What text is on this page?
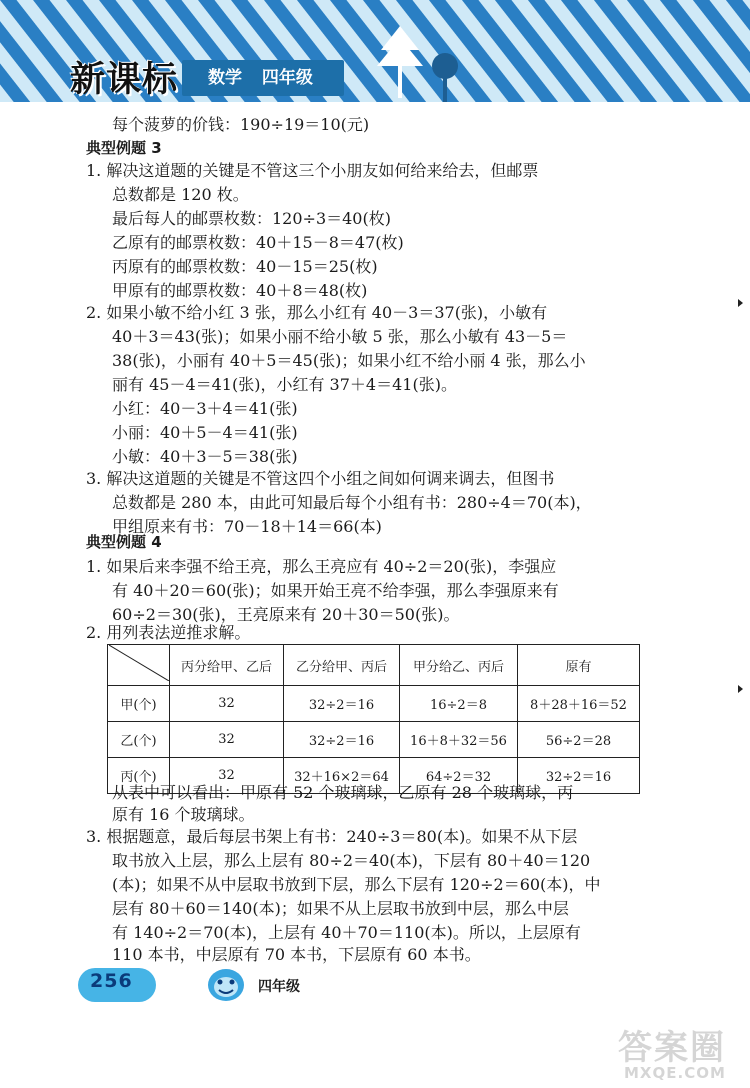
新课标	数学 四年级
每个菠萝的价钱：190÷19＝10(元)
典型例题 3
1. 解决这道题的关键是不管这三个小朋友如何给来给去，但邮票
总数都是 120 枚。
最后每人的邮票枚数：120÷3＝40(枚)
乙原有的邮票枚数：40＋15－8＝47(枚)
丙原有的邮票枚数：40－15＝25(枚)
甲原有的邮票枚数：40＋8＝48(枚)
2. 如果小敏不给小红 3 张，那么小红有 40－3＝37(张)，小敏有
40＋3＝43(张)；如果小丽不给小敏 5 张，那么小敏有 43－5＝
38(张)，小丽有 40＋5＝45(张)；如果小红不给小丽 4 张，那么小
丽有 45－4＝41(张)，小红有 37＋4＝41(张)。
小红：40－3＋4＝41(张)
小丽：40＋5－4＝41(张)
小敏：40＋3－5＝38(张)
3. 解决这道题的关键是不管这四个小组之间如何调来调去，但图书
总数都是 280 本，由此可知最后每个小组有书：280÷4＝70(本)，
甲组原来有书：70－18＋14＝66(本)
典型例题 4
1. 如果后来李强不给王亮，那么王亮应有 40÷2＝20(张)，李强应
有 40＋20＝60(张)；如果开始王亮不给李强，那么李强原来有
60÷2＝30(张)，王亮原来有 20＋30＝50(张)。
2. 用列表法逆推求解。
	丙分给甲、乙后	乙分给甲、丙后	甲分给乙、丙后	原有
甲(个)	32	32÷2＝16	16÷2＝8	8＋28＋16＝52
乙(个)	32	32÷2＝16	16＋8＋32＝56	56÷2＝28
丙(个)	32	32＋16×2＝64	64÷2＝32	32÷2＝16
从表中可以看出：甲原有 52 个玻璃球，乙原有 28 个玻璃球，丙
原有 16 个玻璃球。
3. 根据题意，最后每层书架上有书：240÷3＝80(本)。如果不从下层
取书放入上层，那么上层有 80÷2＝40(本)，下层有 80＋40＝120
(本)；如果不从中层取书放到下层，那么下层有 120÷2＝60(本)，中
层有 80＋60＝140(本)；如果不从上层取书放到中层，那么中层
有 140÷2＝70(本)，上层有 40＋70＝110(本)。所以，上层原有
110 本书，中层原有 70 本书，下层原有 60 本书。
256	四年级
答案圈
MXQE.COM
